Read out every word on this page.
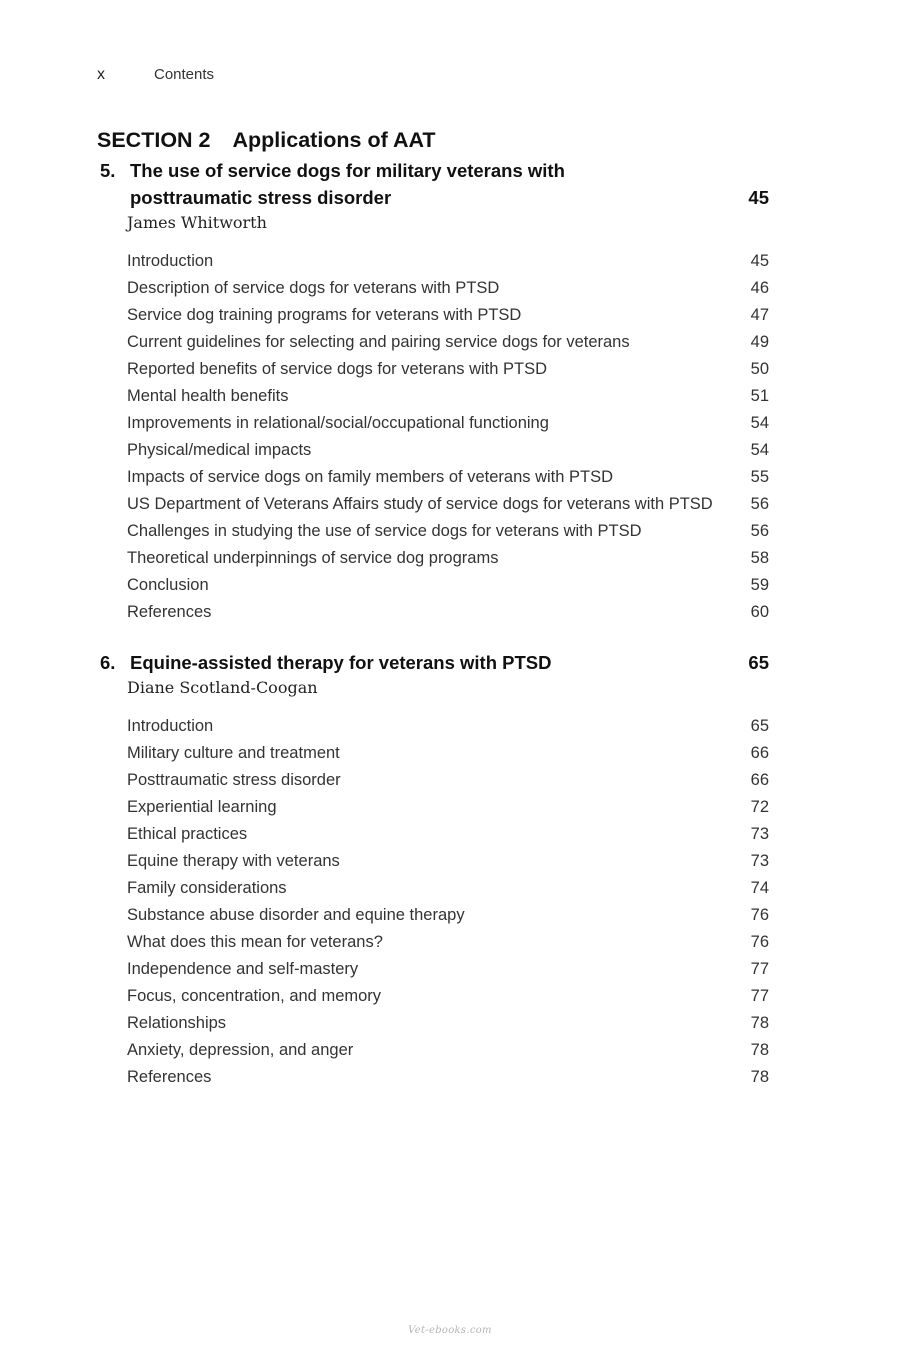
x	Contents
SECTION 2 Applications of AAT
5. The use of service dogs for military veterans with
posttraumatic stress disorder	45
James Whitworth
Introduction	45
Description of service dogs for veterans with PTSD	46
Service dog training programs for veterans with PTSD	47
Current guidelines for selecting and pairing service dogs for veterans	49
Reported benefits of service dogs for veterans with PTSD	50
Mental health benefits	51
Improvements in relational/social/occupational functioning	54
Physical/medical impacts	54
Impacts of service dogs on family members of veterans with PTSD	55
US Department of Veterans Affairs study of service dogs for veterans with PTSD 56
Challenges in studying the use of service dogs for veterans with PTSD	56
Theoretical underpinnings of service dog programs	58
Conclusion	59
References	60
6. Equine-assisted therapy for veterans with PTSD	65
Diane Scotland-Coogan
Introduction	65
Military culture and treatment	66
Posttraumatic stress disorder	66
Experiential learning	72
Ethical practices	73
Equine therapy with veterans	73
Family considerations	74
Substance abuse disorder and equine therapy	76
What does this mean for veterans?	76
Independence and self-mastery	77
Focus, concentration, and memory	77
Relationships	78
Anxiety, depression, and anger	78
References	78
Vet-ebooks.com
